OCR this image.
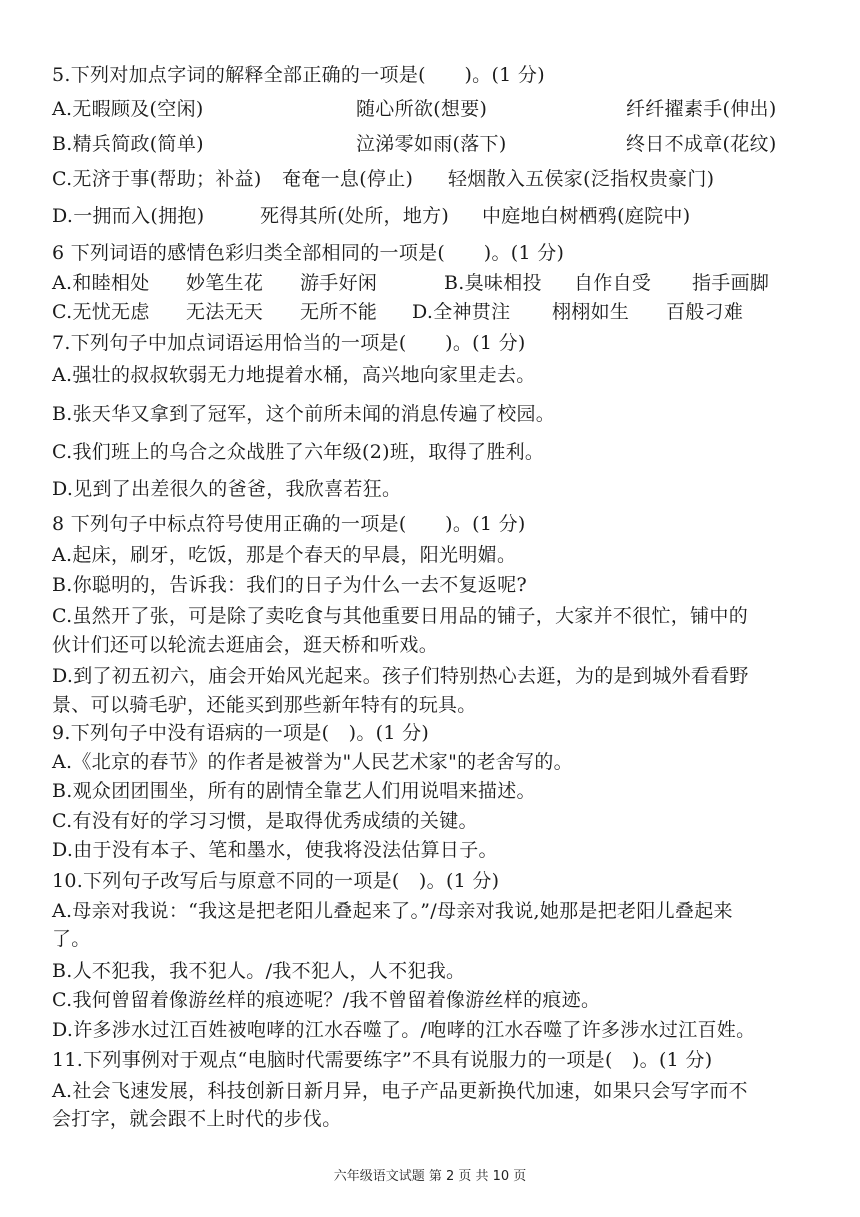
5.下列对加点字词的解释全部正确的一项是(　　)。(1 分)
A.无暇顾及(空闲)	随心所欲(想要)	纤纤擢素手(伸出)
B.精兵简政(简单)	泣涕零如雨(落下)	终日不成章(花纹)
C.无济于事(帮助；补益) 奄奄一息(停止) 轻烟散入五侯家(泛指权贵豪门)
D.一拥而入(拥抱)	死得其所(处所，地方) 中庭地白树栖鸦(庭院中)
6 下列词语的感情色彩归类全部相同的一项是(　　)。(1 分)
A.和睦相处 妙笔生花 游手好闲	B.臭味相投 自作自受 指手画脚
C.无忧无虑 无法无天 无所不能 D.全神贯注 栩栩如生 百般刁难
7.下列句子中加点词语运用恰当的一项是(　　)。(1 分)
A.强壮的叔叔软弱无力地提着水桶，高兴地向家里走去。
B.张天华又拿到了冠军，这个前所未闻的消息传遍了校园。
C.我们班上的乌合之众战胜了六年级(2)班，取得了胜利。
D.见到了出差很久的爸爸，我欣喜若狂。
8 下列句子中标点符号使用正确的一项是(　　)。(1 分)
A.起床，刷牙，吃饭，那是个春天的早晨，阳光明媚。
B.你聪明的，告诉我：我们的日子为什么一去不复返呢?
C.虽然开了张，可是除了卖吃食与其他重要日用品的铺子，大家并不很忙，铺中的
伙计们还可以轮流去逛庙会，逛天桥和听戏。
D.到了初五初六，庙会开始风光起来。孩子们特别热心去逛，为的是到城外看看野
景、可以骑毛驴，还能买到那些新年特有的玩具。
9.下列句子中没有语病的一项是(　)。(1 分)
A.《北京的春节》的作者是被誉为"人民艺术家"的老舍写的。
B.观众团团围坐，所有的剧情全靠艺人们用说唱来描述。
C.有没有好的学习习惯，是取得优秀成绩的关键。
D.由于没有本子、笔和墨水，使我将没法估算日子。
10.下列句子改写后与原意不同的一项是(　)。(1 分)
A.母亲对我说：“我这是把老阳儿叠起来了。”/母亲对我说,她那是把老阳儿叠起来
了。
B.人不犯我，我不犯人。/我不犯人，人不犯我。
C.我何曾留着像游丝样的痕迹呢？/我不曾留着像游丝样的痕迹。
D.许多涉水过江百姓被咆哮的江水吞噬了。/咆哮的江水吞噬了许多涉水过江百姓。
11.下列事例对于观点“电脑时代需要练字”不具有说服力的一项是(　)。(1 分)
A.社会飞速发展，科技创新日新月异，电子产品更新换代加速，如果只会写字而不
会打字，就会跟不上时代的步伐。
六年级语文试题 第 2 页 共 10 页
